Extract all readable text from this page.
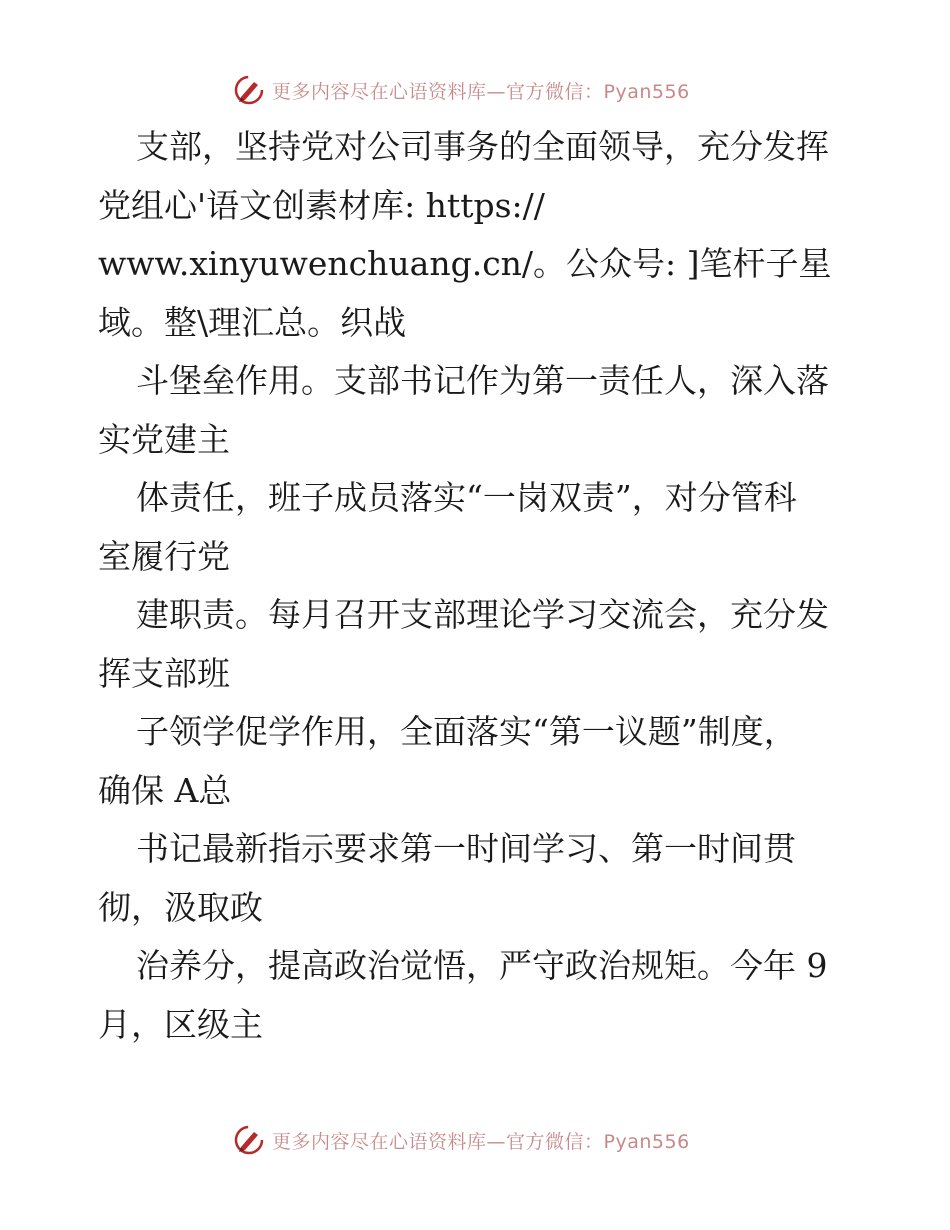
更多内容尽在心语资料库—官方微信：Pyan556
支部，坚持党对公司事务的全面领导，充分发挥
党组心'语文创素材库: https://
www.xinyuwenchuang.cn/。公众号: ]笔杆子星
域。整\理汇总。织战
斗堡垒作用。支部书记作为第一责任人，深入落
实党建主
体责任，班子成员落实“一岗双责”，对分管科
室履行党
建职责。每月召开支部理论学习交流会，充分发
挥支部班
子领学促学作用，全面落实“第一议题”制度，
确保 A总
书记最新指示要求第一时间学习、第一时间贯
彻，汲取政
治养分，提高政治觉悟，严守政治规矩。今年 9
月，区级主
更多内容尽在心语资料库—官方微信：Pyan556
